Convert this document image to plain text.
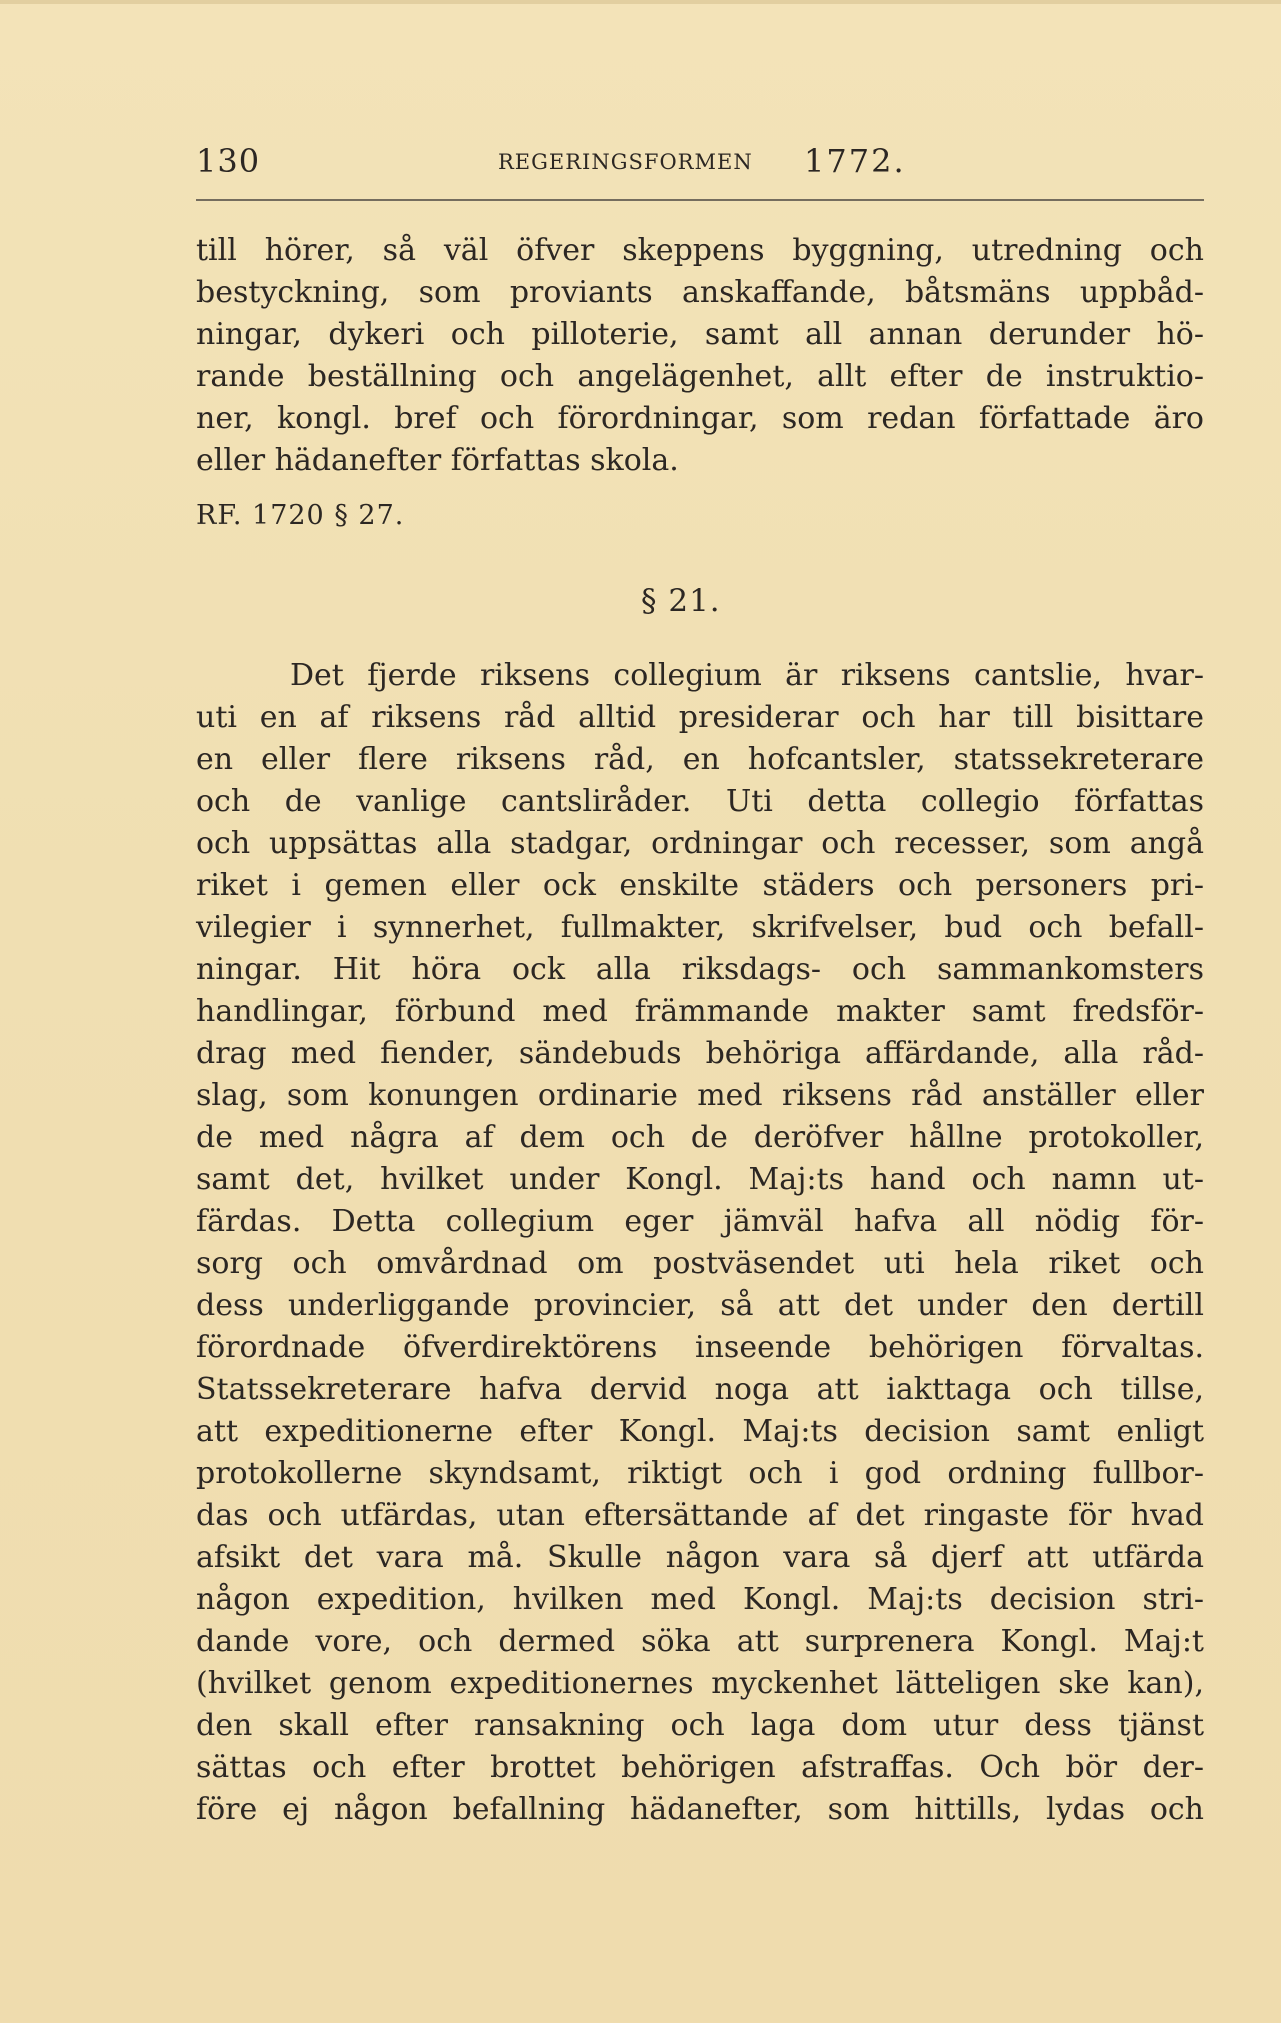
130	REGERINGSFORMEN 1772.
till hörer, så väl öfver skeppens byggning, utredning och
bestyckning, som proviants anskaffande, båtsmäns uppbåd-
ningar, dykeri och pilloterie, samt all annan derunder hö-
rande beställning och angelägenhet, allt efter de instruktio-
ner, kongl. bref och förordningar, som redan författade äro
eller hädanefter författas skola.
RF. 1720 § 27.
§ 21.
Det fjerde riksens collegium är riksens cantslie, hvar-
uti en af riksens råd alltid presiderar och har till bisittare
en eller flere riksens råd, en hofcantsler, statssekreterare
och de vanlige cantsliråder. Uti detta collegio författas
och uppsättas alla stadgar, ordningar och recesser, som angå
riket i gemen eller ock enskilte städers och personers pri-
vilegier i synnerhet, fullmakter, skrifvelser, bud och befall-
ningar. Hit höra ock alla riksdags- och sammankomsters
handlingar, förbund med främmande makter samt fredsför-
drag med fiender, sändebuds behöriga affärdande, alla råd-
slag, som konungen ordinarie med riksens råd anställer eller
de med några af dem och de deröfver hållne protokoller,
samt det, hvilket under Kongl. Maj:ts hand och namn ut-
färdas. Detta collegium eger jämväl hafva all nödig för-
sorg och omvårdnad om postväsendet uti hela riket och
dess underliggande provincier, så att det under den dertill
förordnade öfverdirektörens inseende behörigen förvaltas.
Statssekreterare hafva dervid noga att iakttaga och tillse,
att expeditionerne efter Kongl. Maj:ts decision samt enligt
protokollerne skyndsamt, riktigt och i god ordning fullbor-
das och utfärdas, utan eftersättande af det ringaste för hvad
afsikt det vara må. Skulle någon vara så djerf att utfärda
någon expedition, hvilken med Kongl. Maj:ts decision stri-
dande vore, och dermed söka att surprenera Kongl. Maj:t
(hvilket genom expeditionernes myckenhet lätteligen ske kan),
den skall efter ransakning och laga dom utur dess tjänst
sättas och efter brottet behörigen afstraffas. Och bör der-
före ej någon befallning hädanefter, som hittills, lydas och
